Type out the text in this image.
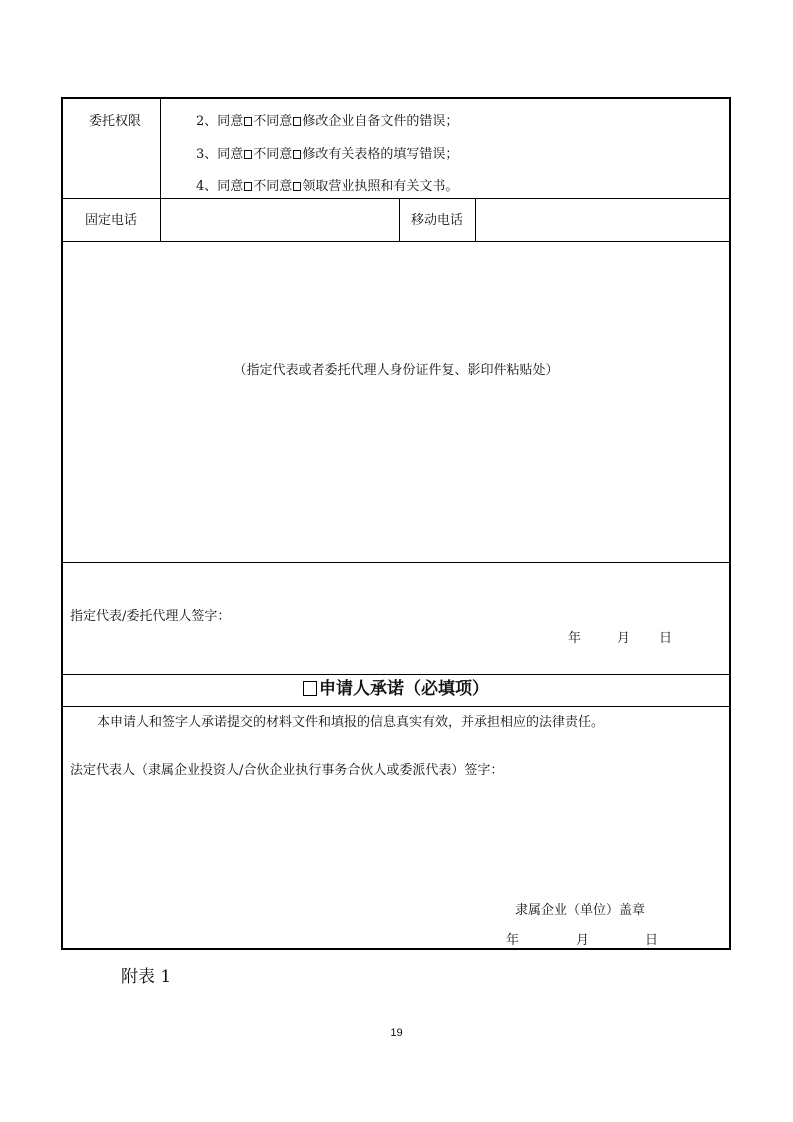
委托权限	2、同意 不同意 修改企业自备文件的错误；
3、同意 不同意 修改有关表格的填写错误；
4、同意 不同意 领取营业执照和有关文书。
固定电话	移动电话
（指定代表或者委托代理人身份证件复、影印件粘贴处）
指定代表/委托代理人签字：
年	月 日
申请人承诺（必填项）
本申请人和签字人承诺提交的材料文件和填报的信息真实有效，并承担相应的法律责任。
法定代表人（隶属企业投资人/合伙企业执行事务合伙人或委派代表）签字：
隶属企业（单位）盖章
年	月	日
附表 1
19
